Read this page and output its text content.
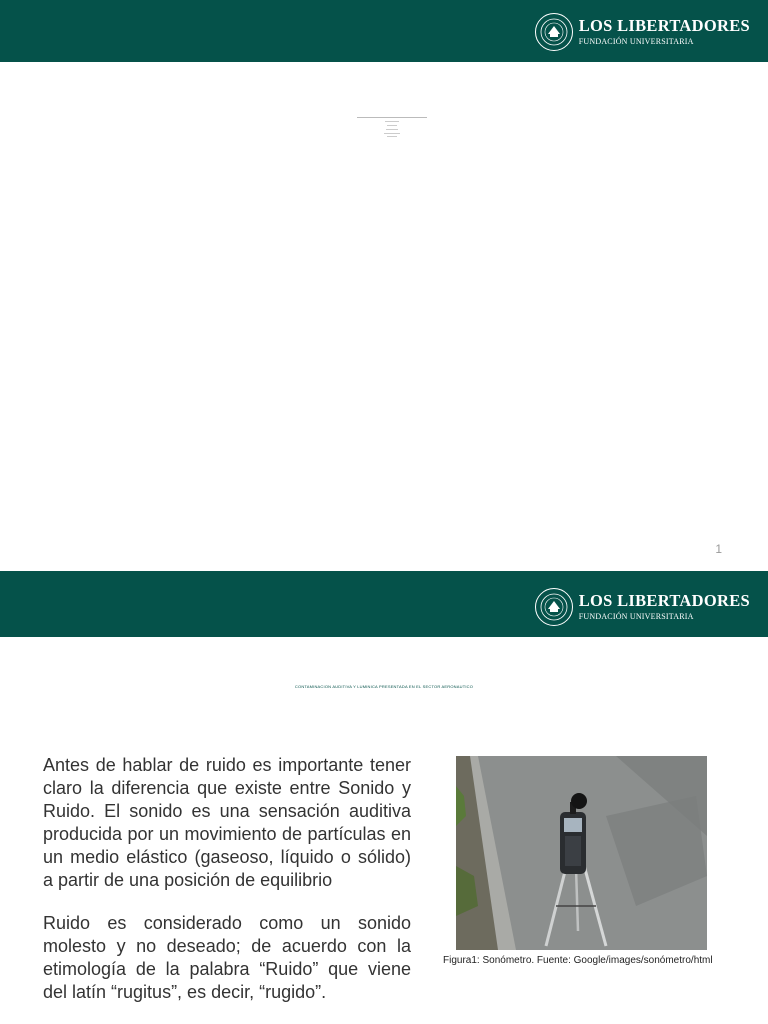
LOS LIBERTADORES
FUNDACIÓN UNIVERSITARIA
1
LOS LIBERTADORES
FUNDACIÓN UNIVERSITARIA
CONTAMINACION AUDITIVA Y LUMINICA PRESENTADA EN EL SECTOR AERONAUTICO

Antes de hablar de ruido es importante tener claro la diferencia que existe entre Sonido y Ruido. El sonido es una sensación auditiva producida por un movimiento de partículas en un medio elástico (gaseoso, líquido o sólido) a partir de una posición de equilibrio

Ruido es considerado como un sonido molesto y no deseado; de acuerdo con la etimología de la palabra “Ruido” que viene del latín “rugitus”, es decir, “rugido”.

Figura1: Sonómetro. Fuente: Google/images/sonómetro/html
